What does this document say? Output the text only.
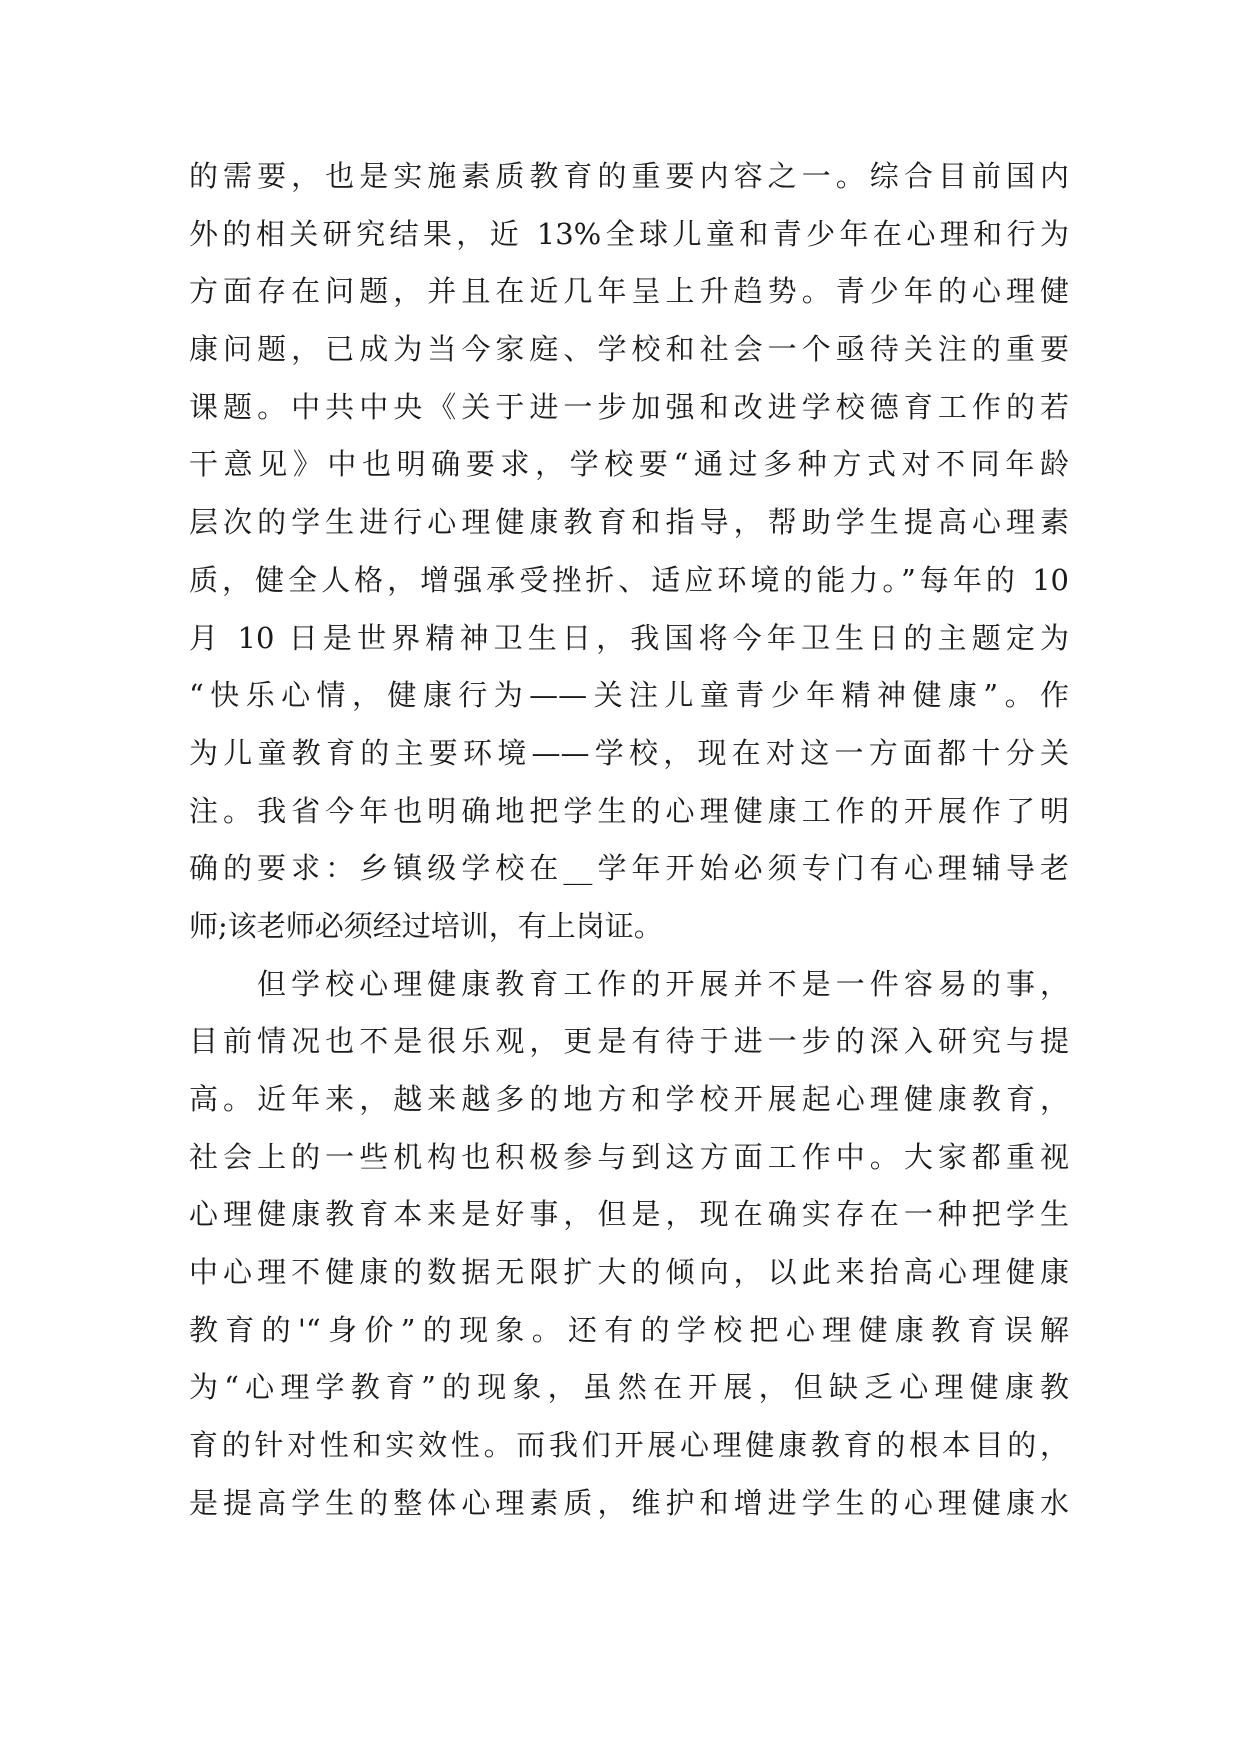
的需要，也是实施素质教育的重要内容之一。综合目前国内
外的相关研究结果，近 13%全球儿童和青少年在心理和行为
方面存在问题，并且在近几年呈上升趋势。青少年的心理健
康问题，已成为当今家庭、学校和社会一个亟待关注的重要
课题。中共中央《关于进一步加强和改进学校德育工作的若
干意见》中也明确要求，学校要“通过多种方式对不同年龄
层次的学生进行心理健康教育和指导，帮助学生提高心理素
质，健全人格，增强承受挫折、适应环境的能力。”每年的 10
月 10 日是世界精神卫生日，我国将今年卫生日的主题定为
“快乐心情，健康行为——关注儿童青少年精神健康”。作
为儿童教育的主要环境——学校，现在对这一方面都十分关
注。我省今年也明确地把学生的心理健康工作的开展作了明
确的要求：乡镇级学校在__学年开始必须专门有心理辅导老
师;该老师必须经过培训，有上岗证。
但学校心理健康教育工作的开展并不是一件容易的事，
目前情况也不是很乐观，更是有待于进一步的深入研究与提
高。近年来，越来越多的地方和学校开展起心理健康教育，
社会上的一些机构也积极参与到这方面工作中。大家都重视
心理健康教育本来是好事，但是，现在确实存在一种把学生
中心理不健康的数据无限扩大的倾向，以此来抬高心理健康
教育的'“身价”的现象。还有的学校把心理健康教育误解
为“心理学教育”的现象，虽然在开展，但缺乏心理健康教
育的针对性和实效性。而我们开展心理健康教育的根本目的，
是提高学生的整体心理素质，维护和增进学生的心理健康水
